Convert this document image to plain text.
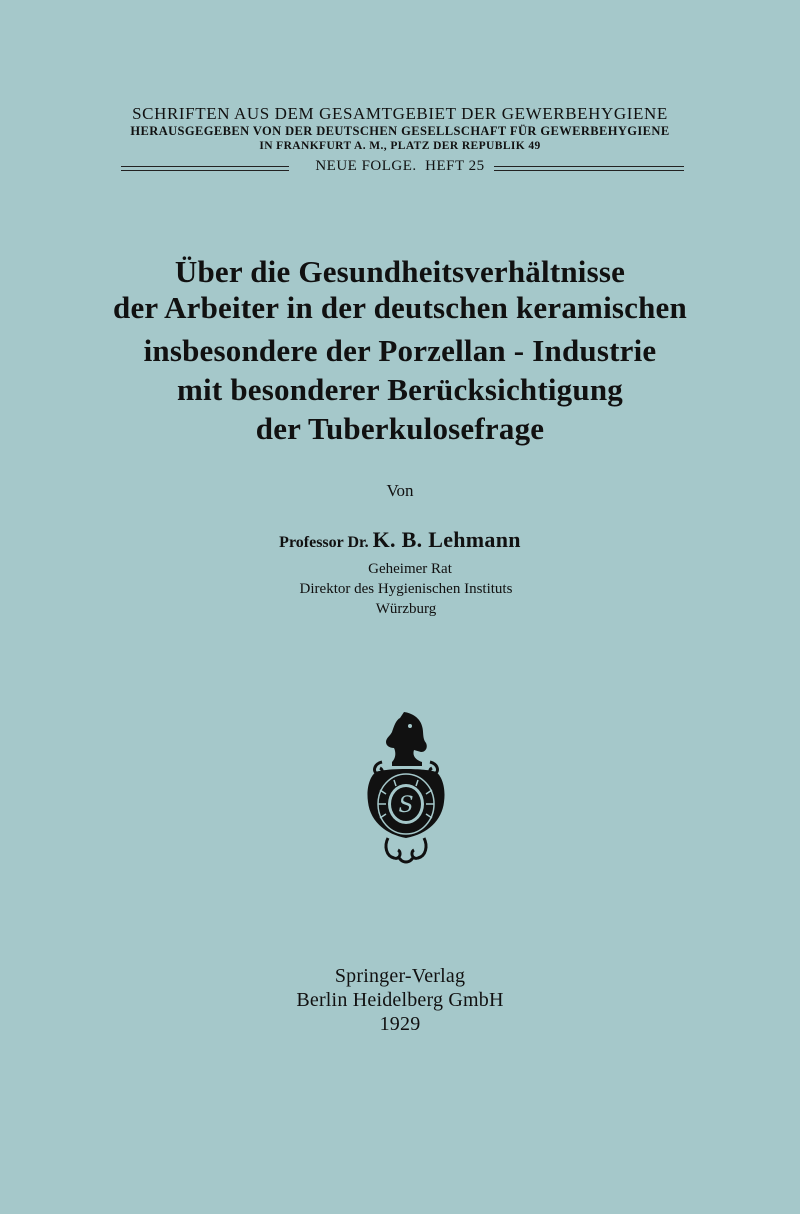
SCHRIFTEN AUS DEM GESAMTGEBIET DER GEWERBEHYGIENE
HERAUSGEGEBEN VON DER DEUTSCHEN GESELLSCHAFT FÜR GEWERBEHYGIENE
IN FRANKFURT A. M., PLATZ DER REPUBLIK 49
NEUE FOLGE.  HEFT 25
Über die Gesundheitsverhältnisse
der Arbeiter in der deutschen keramischen
insbesondere der Porzellan - Industrie
mit besonderer Berücksichtigung
der Tuberkulosefrage
Von
Professor Dr. K. B. Lehmann
Geheimer Rat
Direktor des Hygienischen Instituts
Würzburg
S
Springer-Verlag
Berlin Heidelberg GmbH
1929
